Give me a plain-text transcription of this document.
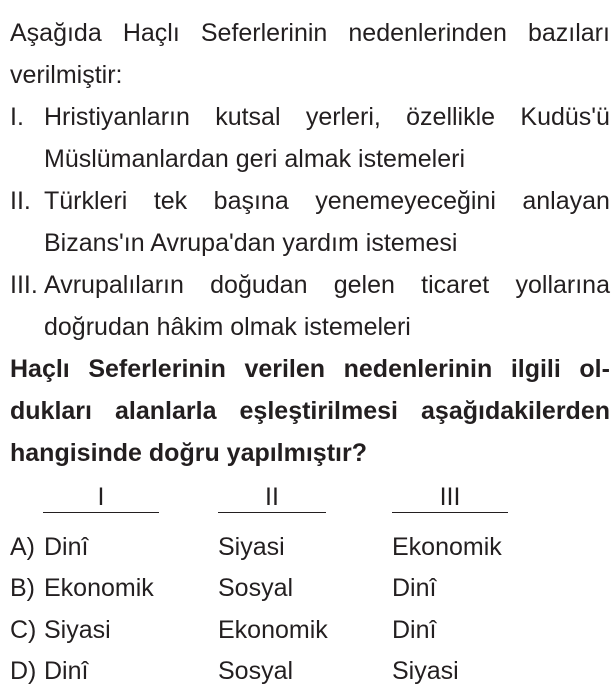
Aşağıda Haçlı Seferlerinin nedenlerinden bazıları
verilmiştir:
I. Hristiyanların kutsal yerleri, özellikle Kudüs'ü
Müslümanlardan geri almak istemeleri
II. Türkleri tek başına yenemeyeceğini anlayan
Bizans'ın Avrupa'dan yardım istemesi
III. Avrupalıların doğudan gelen ticaret yollarına
doğrudan hâkim olmak istemeleri
Haçlı Seferlerinin verilen nedenlerinin ilgili ol-
dukları alanlarla eşleştirilmesi aşağıdakilerden
hangisinde doğru yapılmıştır?
I	II	III
A) Dinî	Siyasi	Ekonomik
B) Ekonomik	Sosyal	Dinî
C) Siyasi	Ekonomik	Dinî
D) Dinî	Sosyal	Siyasi
